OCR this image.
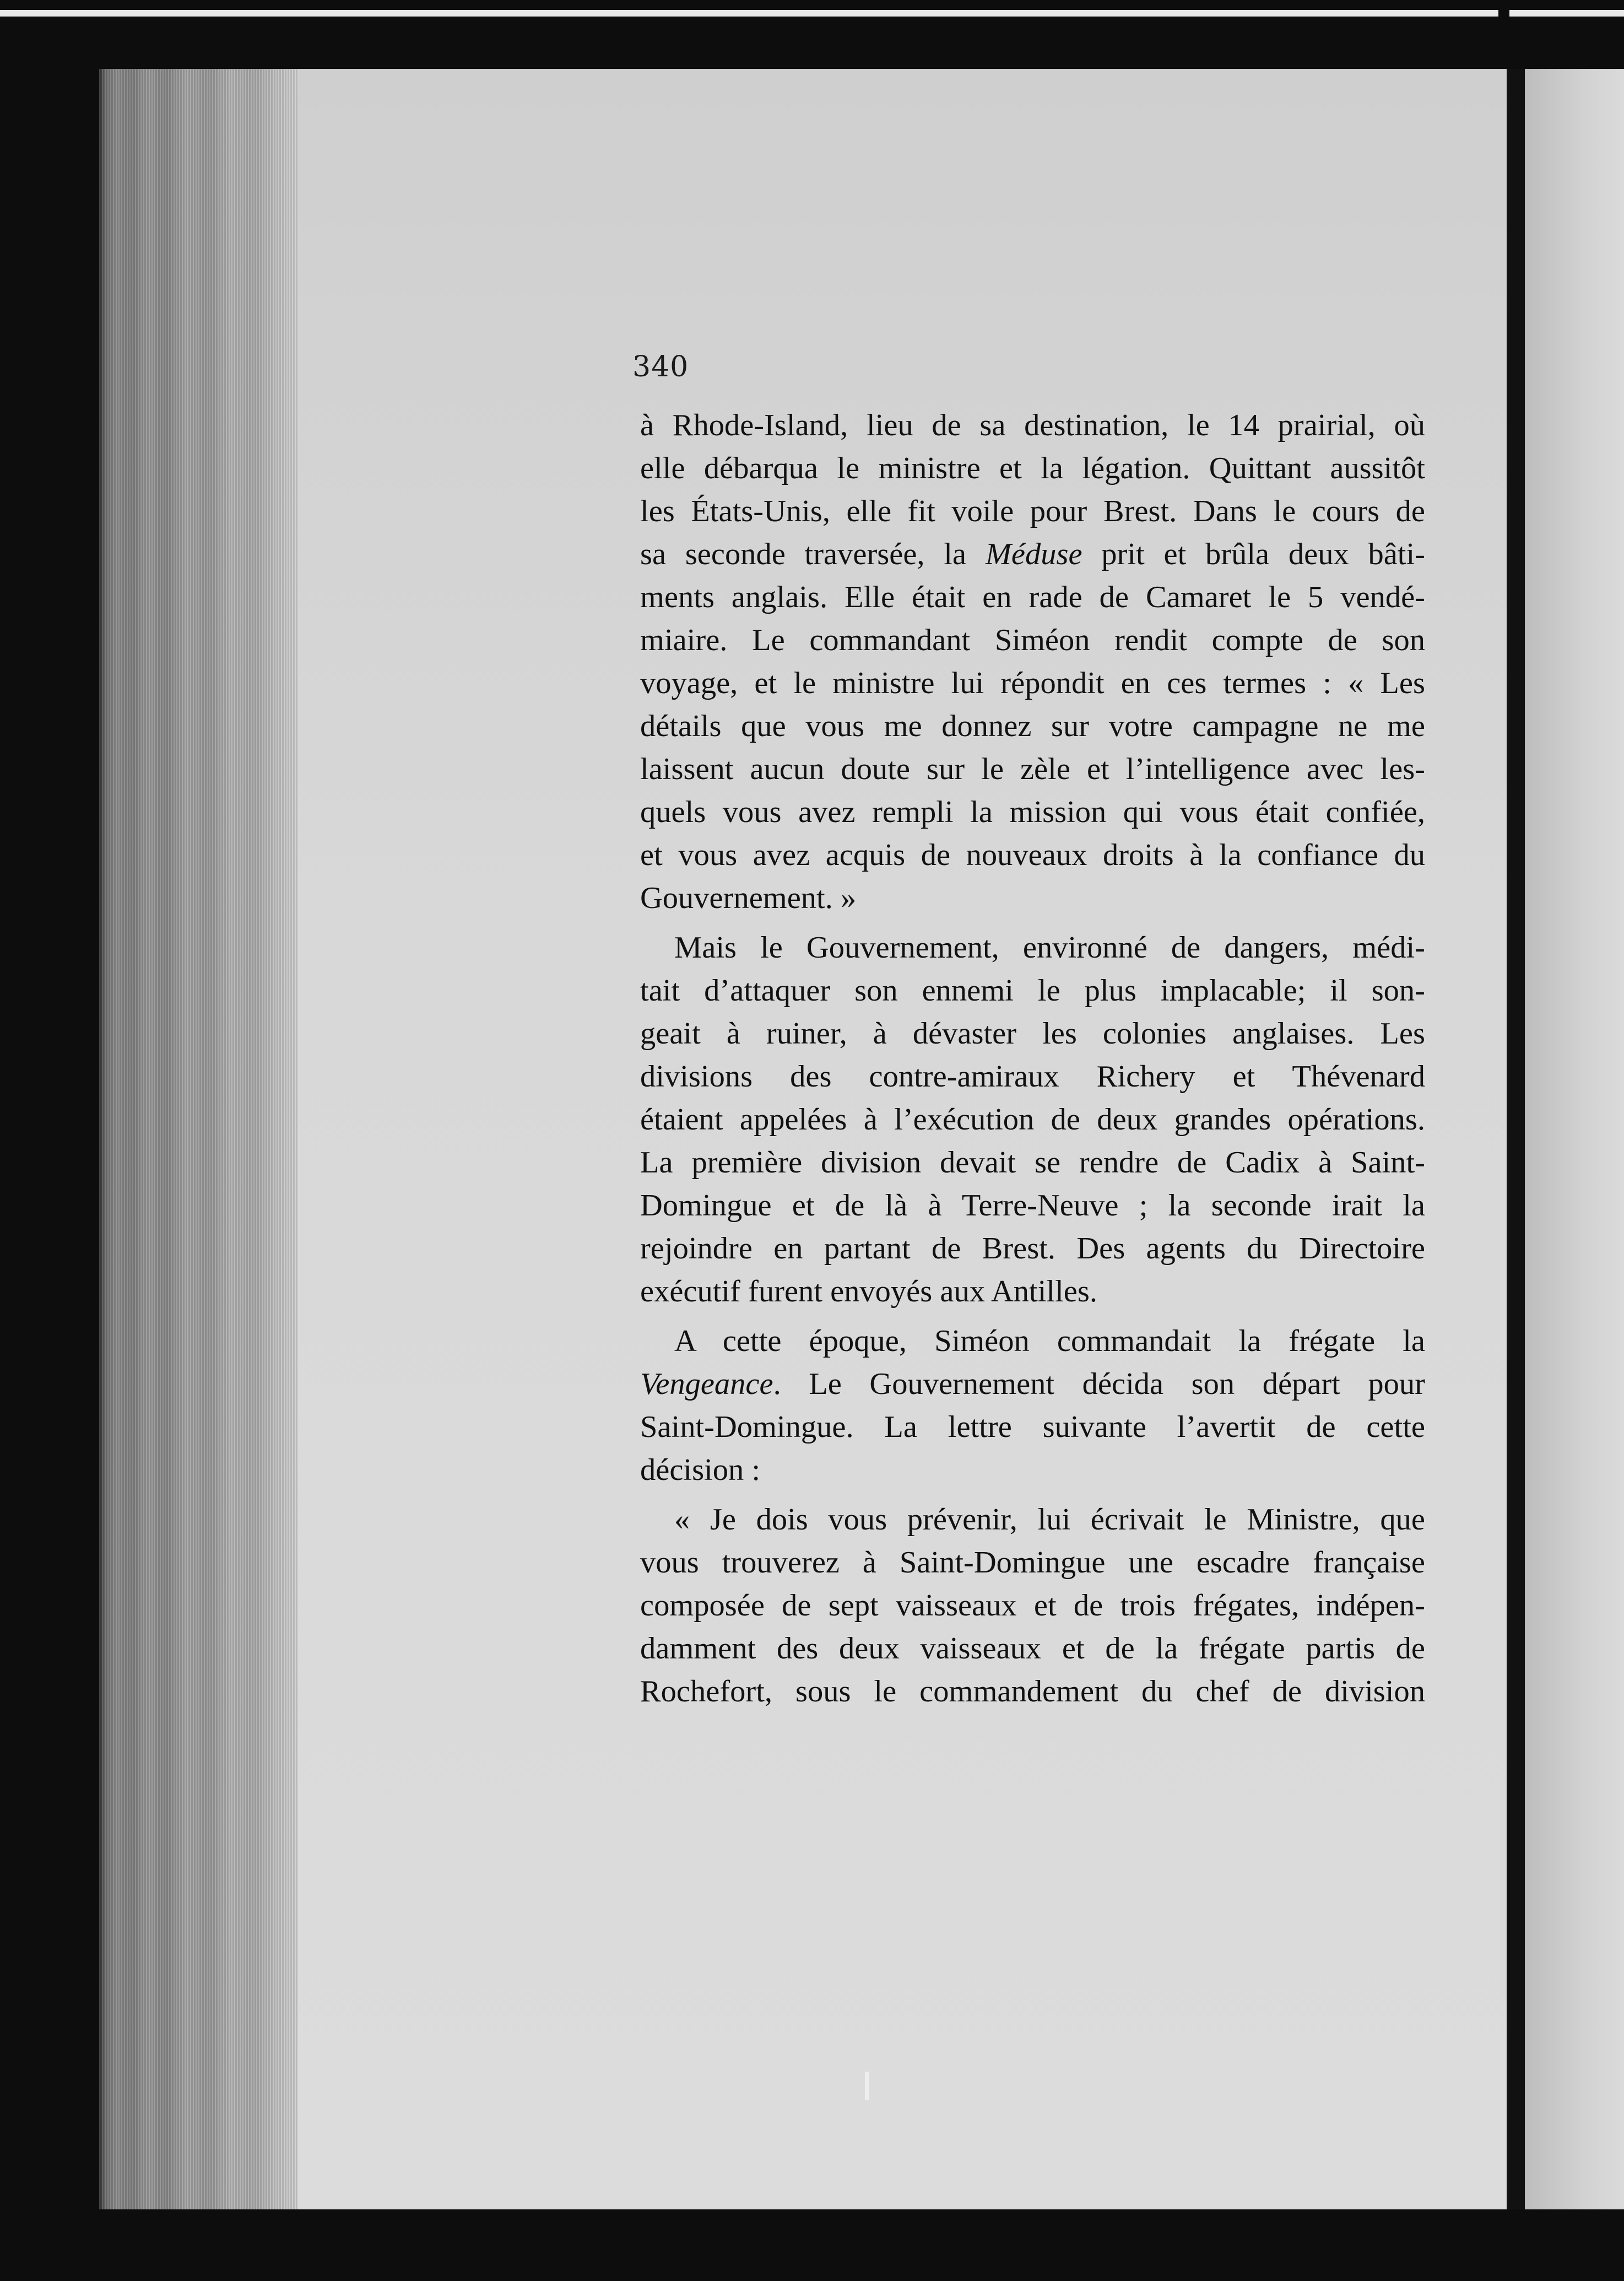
340
à Rhode-Island, lieu de sa destination, le 14 prairial, où
elle débarqua le ministre et la légation. Quittant aussitôt
les États-Unis, elle fit voile pour Brest. Dans le cours de
sa seconde traversée, la Méduse prit et brûla deux bâti-
ments anglais. Elle était en rade de Camaret le 5 vendé-
miaire. Le commandant Siméon rendit compte de son
voyage, et le ministre lui répondit en ces termes : « Les
détails que vous me donnez sur votre campagne ne me
laissent aucun doute sur le zèle et l’intelligence avec les-
quels vous avez rempli la mission qui vous était confiée,
et vous avez acquis de nouveaux droits à la confiance du
Gouvernement. »
Mais le Gouvernement, environné de dangers, médi-
tait d’attaquer son ennemi le plus implacable; il son-
geait à ruiner, à dévaster les colonies anglaises. Les
divisions des contre-amiraux Richery et Thévenard
étaient appelées à l’exécution de deux grandes opérations.
La première division devait se rendre de Cadix à Saint-
Domingue et de là à Terre-Neuve ; la seconde irait la
rejoindre en partant de Brest. Des agents du Directoire
exécutif furent envoyés aux Antilles.
A cette époque, Siméon commandait la frégate la
Vengeance. Le Gouvernement décida son départ pour
Saint-Domingue. La lettre suivante l’avertit de cette
décision :
« Je dois vous prévenir, lui écrivait le Ministre, que
vous trouverez à Saint-Domingue une escadre française
composée de sept vaisseaux et de trois frégates, indépen-
damment des deux vaisseaux et de la frégate partis de
Rochefort, sous le commandement du chef de division
